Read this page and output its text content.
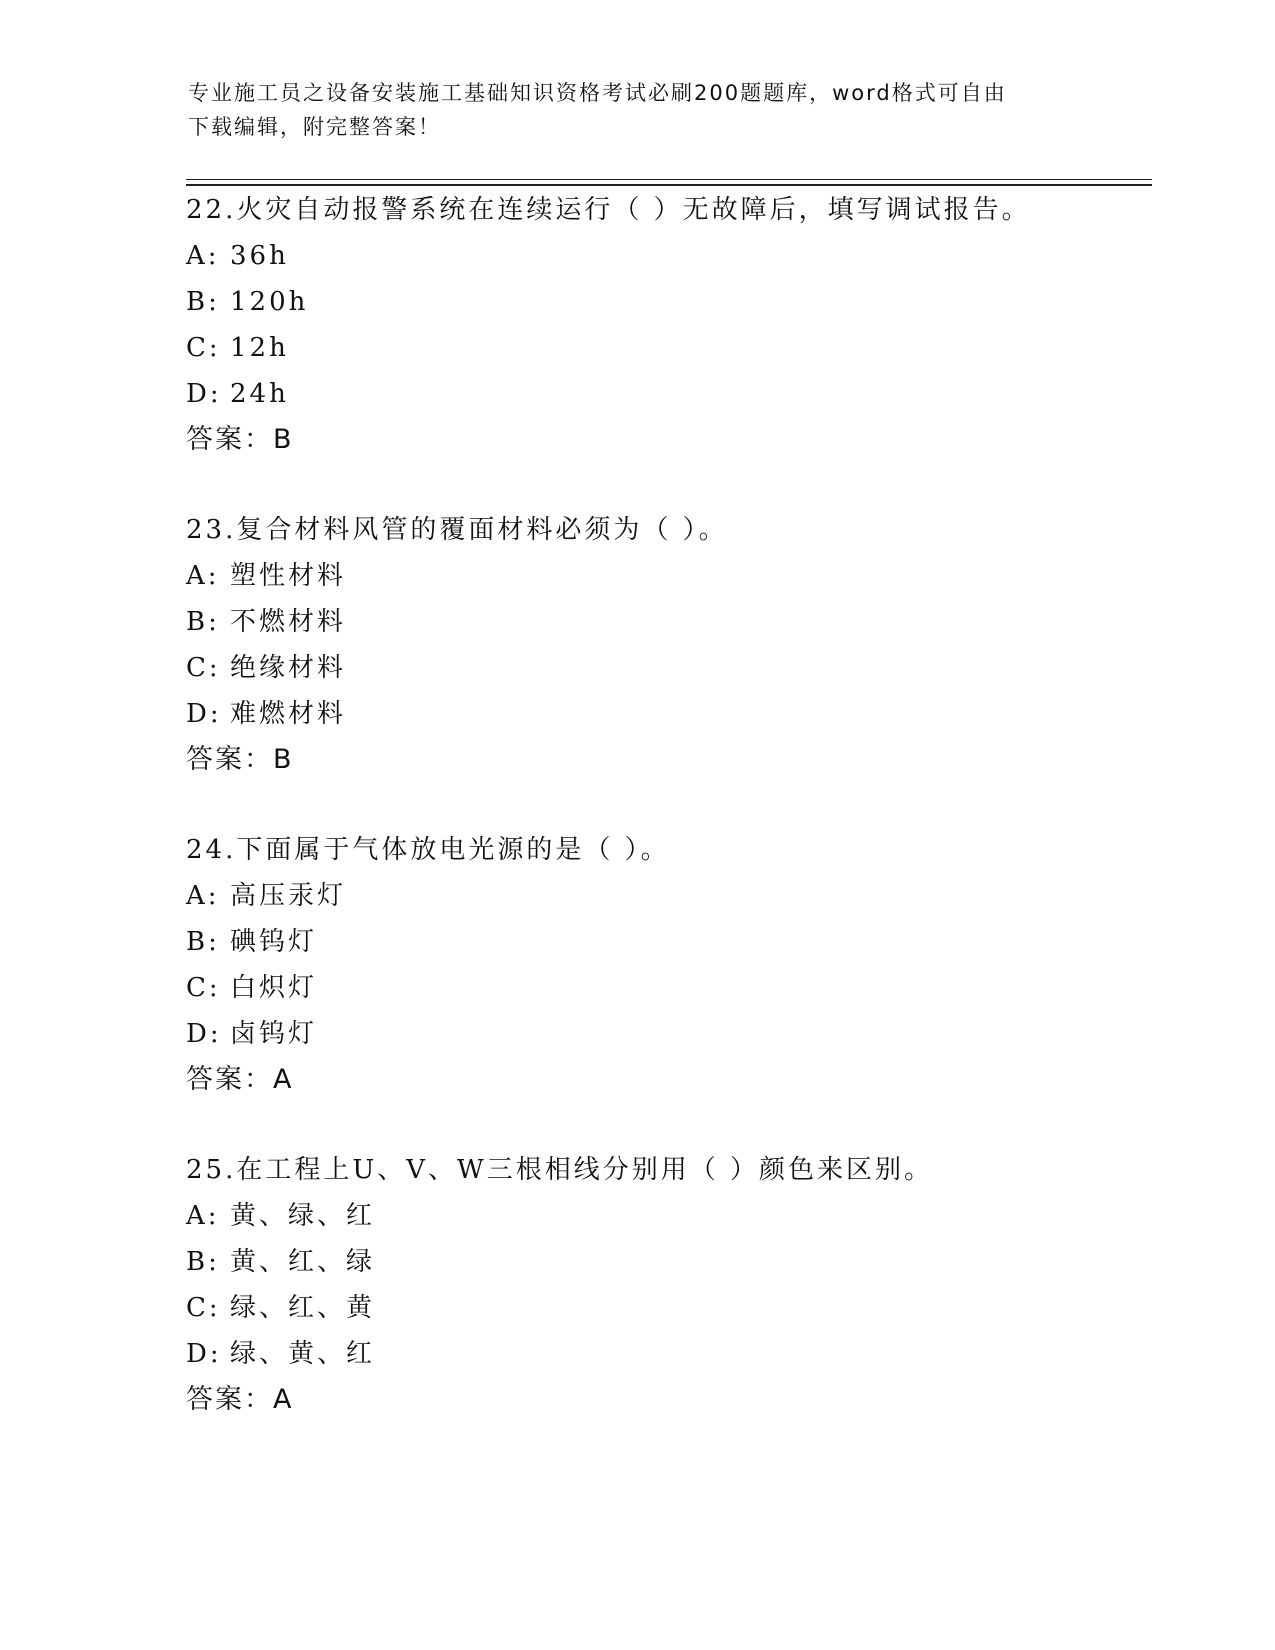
专业施工员之设备安装施工基础知识资格考试必刷200题题库，word格式可自由
下载编辑，附完整答案！
22.火灾自动报警系统在连续运行（ ）无故障后，填写调试报告。
A: 36h
B: 120h
C: 12h
D: 24h
答案：B
23.复合材料风管的覆面材料必须为（ ）。
A: 塑性材料
B: 不燃材料
C: 绝缘材料
D: 难燃材料
答案：B
24.下面属于气体放电光源的是（ ）。
A: 高压汞灯
B: 碘钨灯
C: 白炽灯
D: 卤钨灯
答案：A
25.在工程上U、V、W三根相线分别用（ ）颜色来区别。
A: 黄、绿、红
B: 黄、红、绿
C: 绿、红、黄
D: 绿、黄、红
答案：A
